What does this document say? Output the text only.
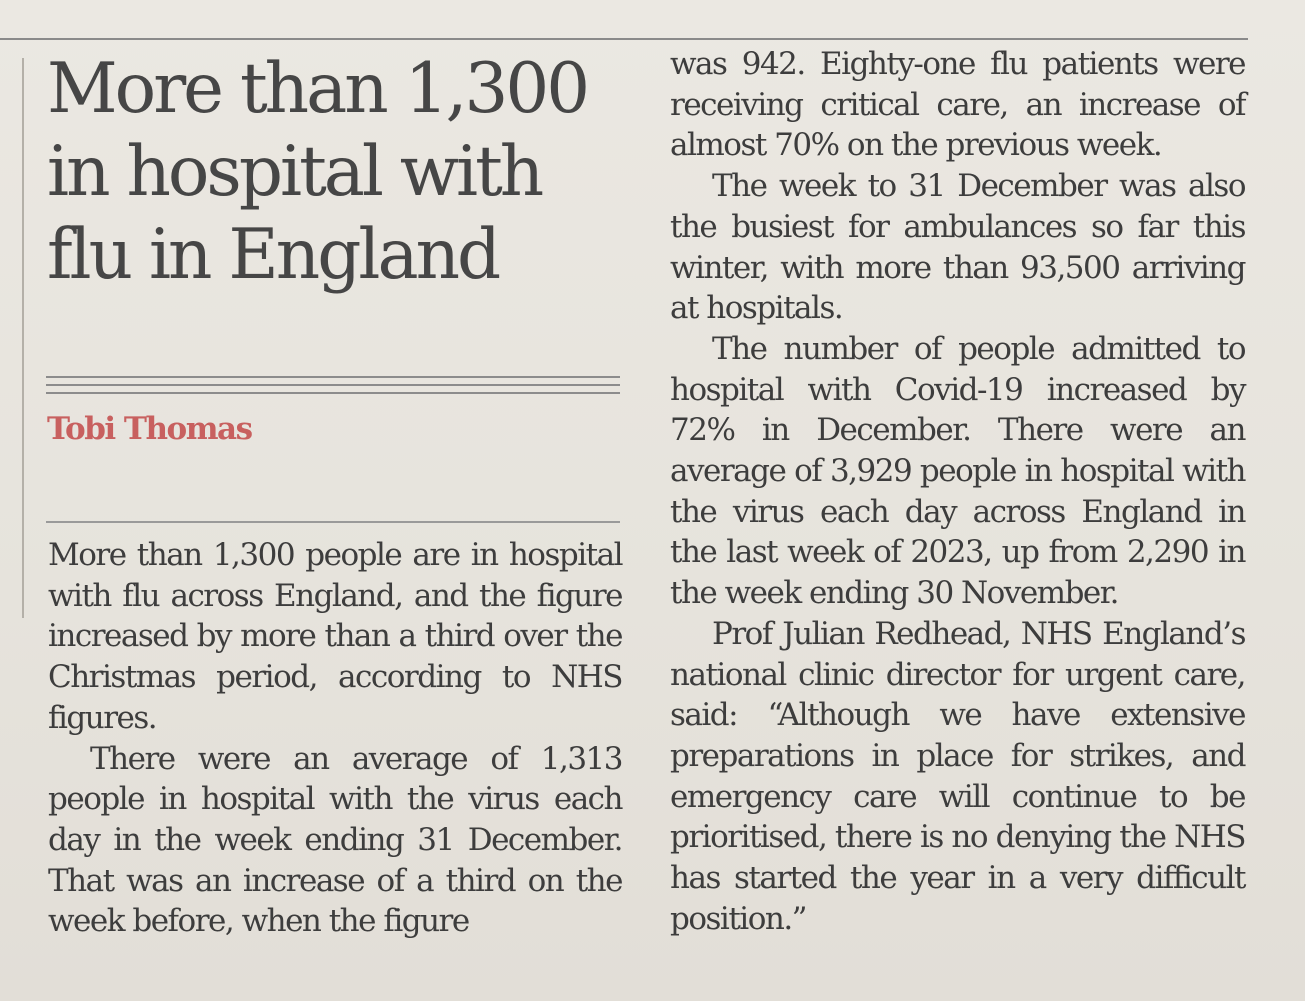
More than 1,300 in hospital with flu in England

Tobi Thomas

More than 1,300 people are in hospital with flu across England, and the figure increased by more than a third over the Christmas period, according to NHS figures.

There were an average of 1,313 people in hospital with the virus each day in the week ending 31 December. That was an increase of a third on the week before, when the figure

was 942. Eighty-one flu patients were receiving critical care, an increase of almost 70% on the previous week.

The week to 31 December was also the busiest for ambulances so far this winter, with more than 93,500 arriving at hospitals.

The number of people admitted to hospital with Covid-19 increased by 72% in December. There were an average of 3,929 people in hospital with the virus each day across England in the last week of 2023, up from 2,290 in the week ending 30 November.

Prof Julian Redhead, NHS England’s national clinic director for urgent care, said: “Although we have extensive preparations in place for strikes, and emergency care will continue to be prioritised, there is no denying the NHS has started the year in a very difficult position.”
